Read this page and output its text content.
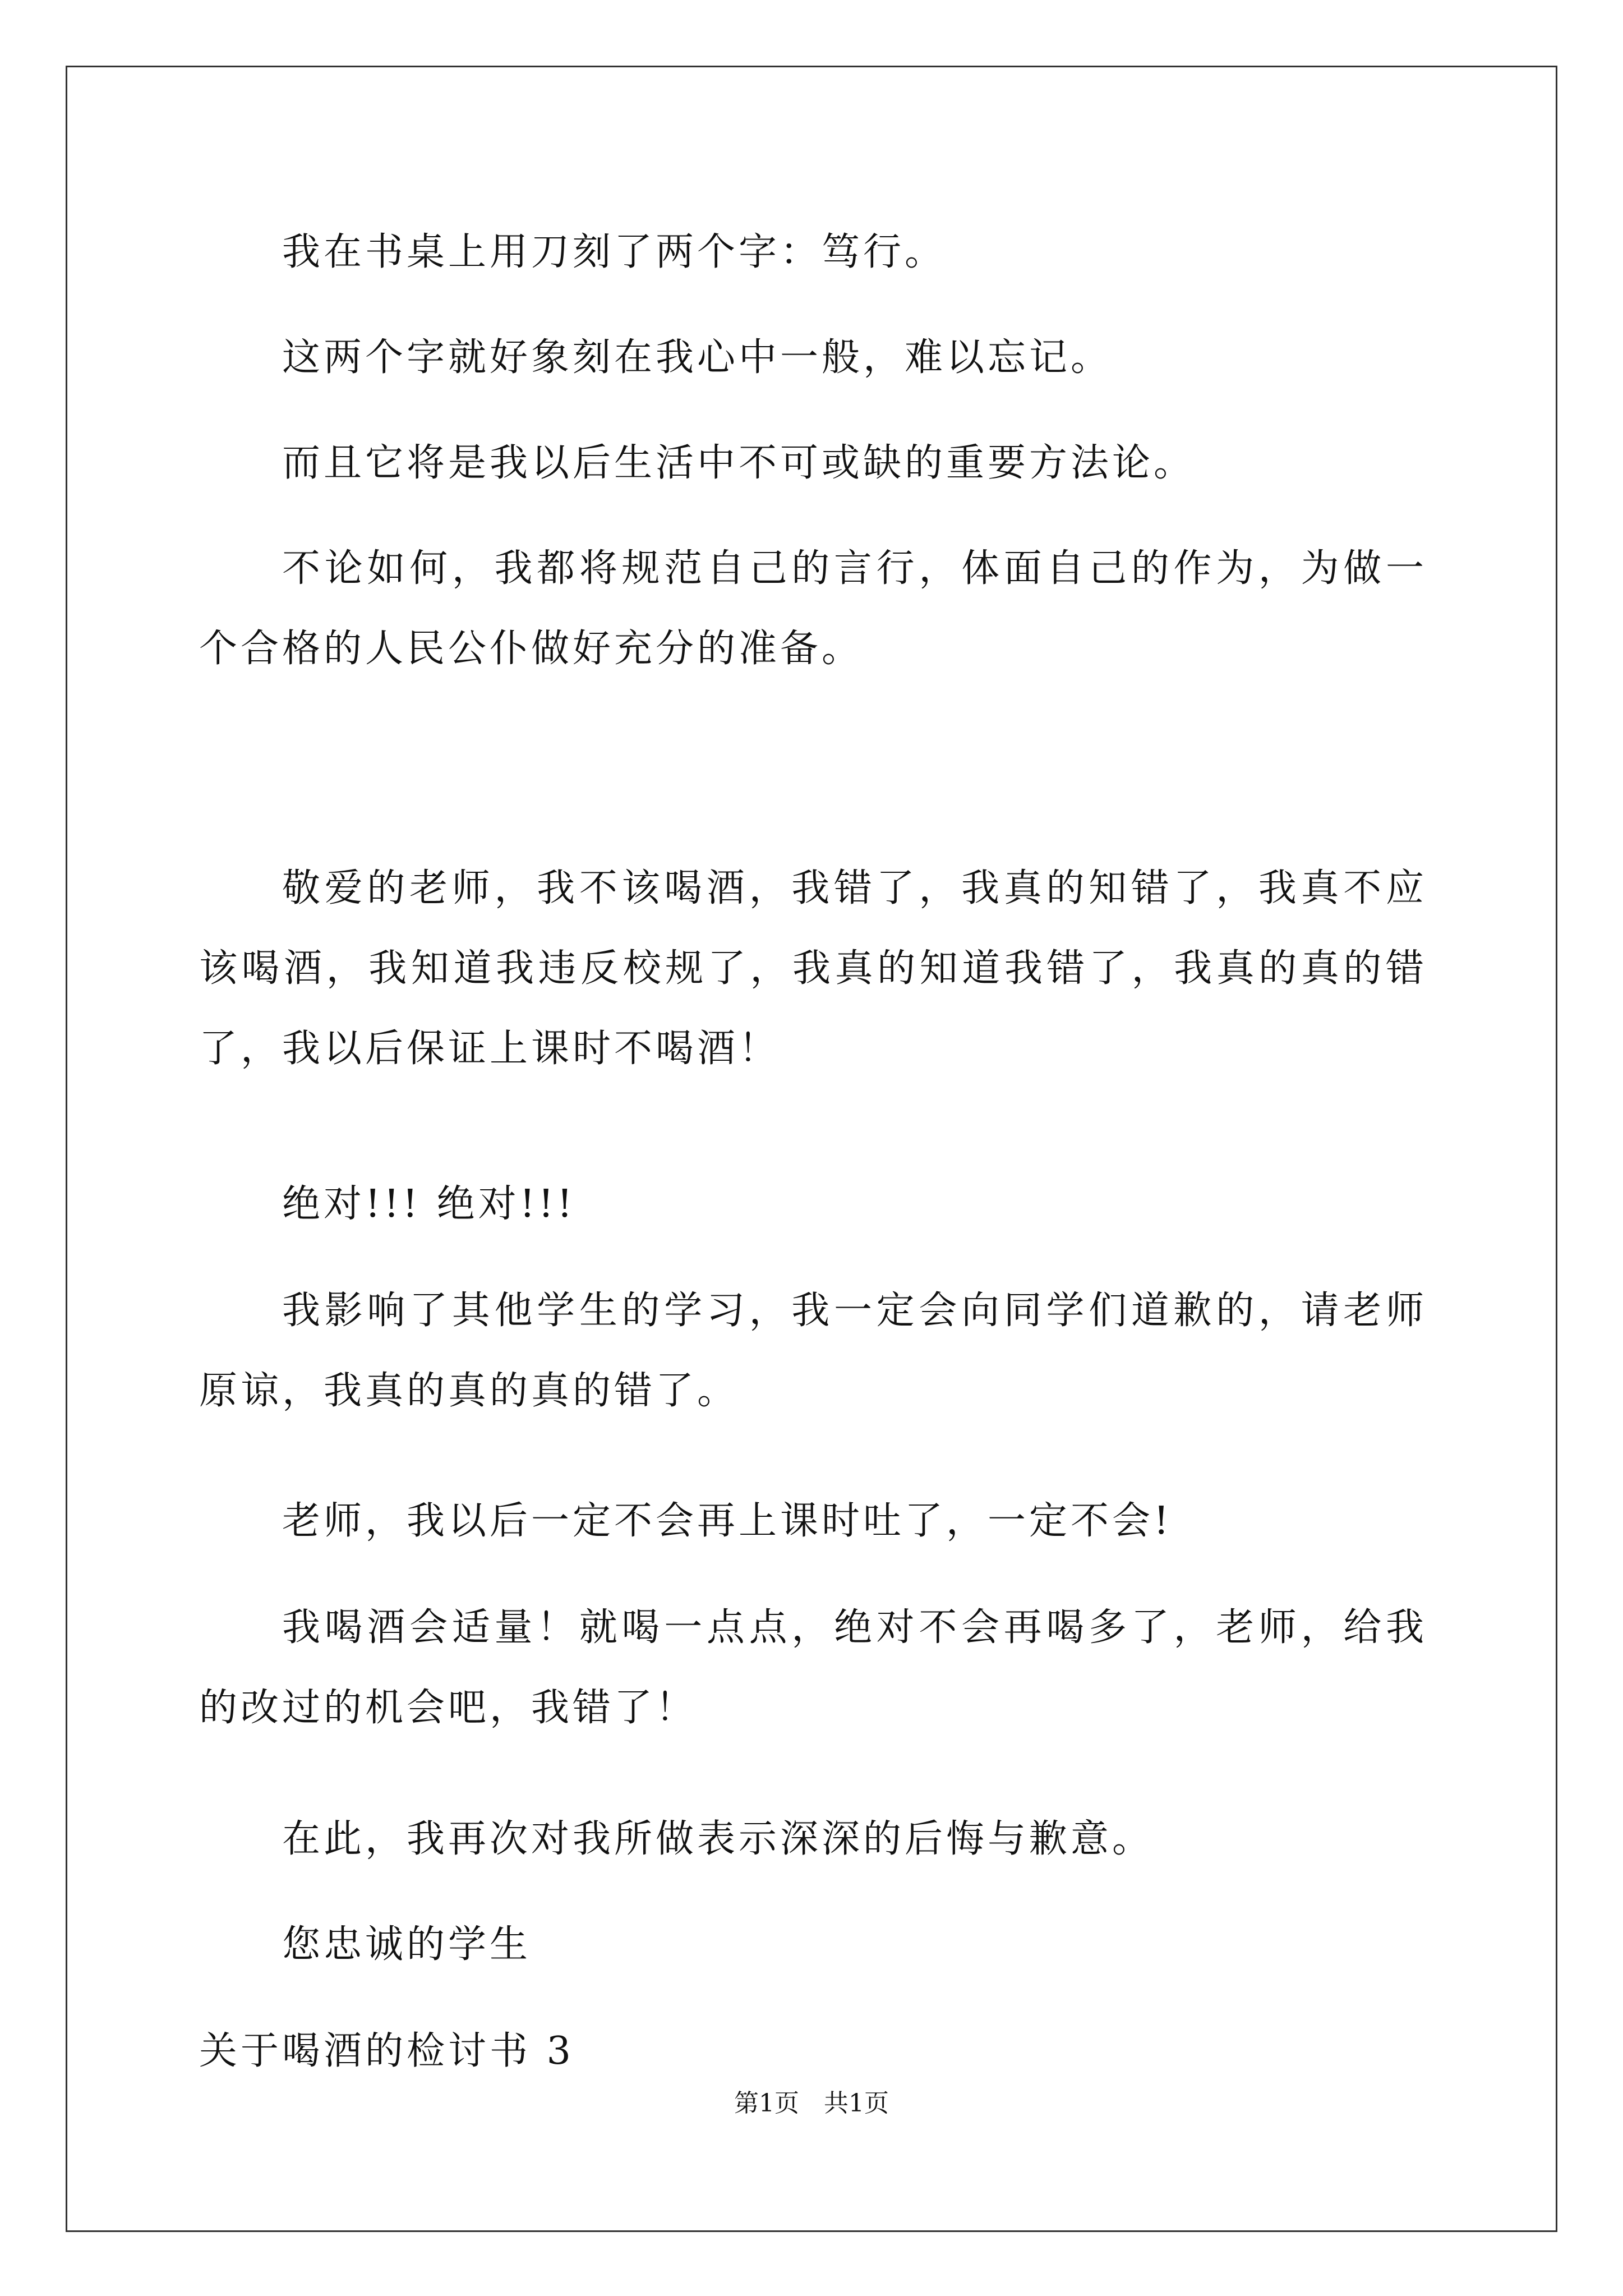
我在书桌上用刀刻了两个字：笃行。

这两个字就好象刻在我心中一般，难以忘记。

而且它将是我以后生活中不可或缺的重要方法论。

不论如何，我都将规范自己的言行，体面自己的作为，为做一个合格的人民公仆做好充分的准备。

敬爱的老师，我不该喝酒，我错了，我真的知错了，我真不应该喝酒，我知道我违反校规了，我真的知道我错了，我真的真的错了，我以后保证上课时不喝酒！

绝对!!! 绝对!!!

我影响了其他学生的学习，我一定会向同学们道歉的，请老师原谅，我真的真的真的错了。

老师，我以后一定不会再上课时吐了，一定不会!

我喝酒会适量！就喝一点点，绝对不会再喝多了，老师，给我的改过的机会吧，我错了！

在此，我再次对我所做表示深深的后悔与歉意。

您忠诚的学生

关于喝酒的检讨书 3

第1页　共1页
